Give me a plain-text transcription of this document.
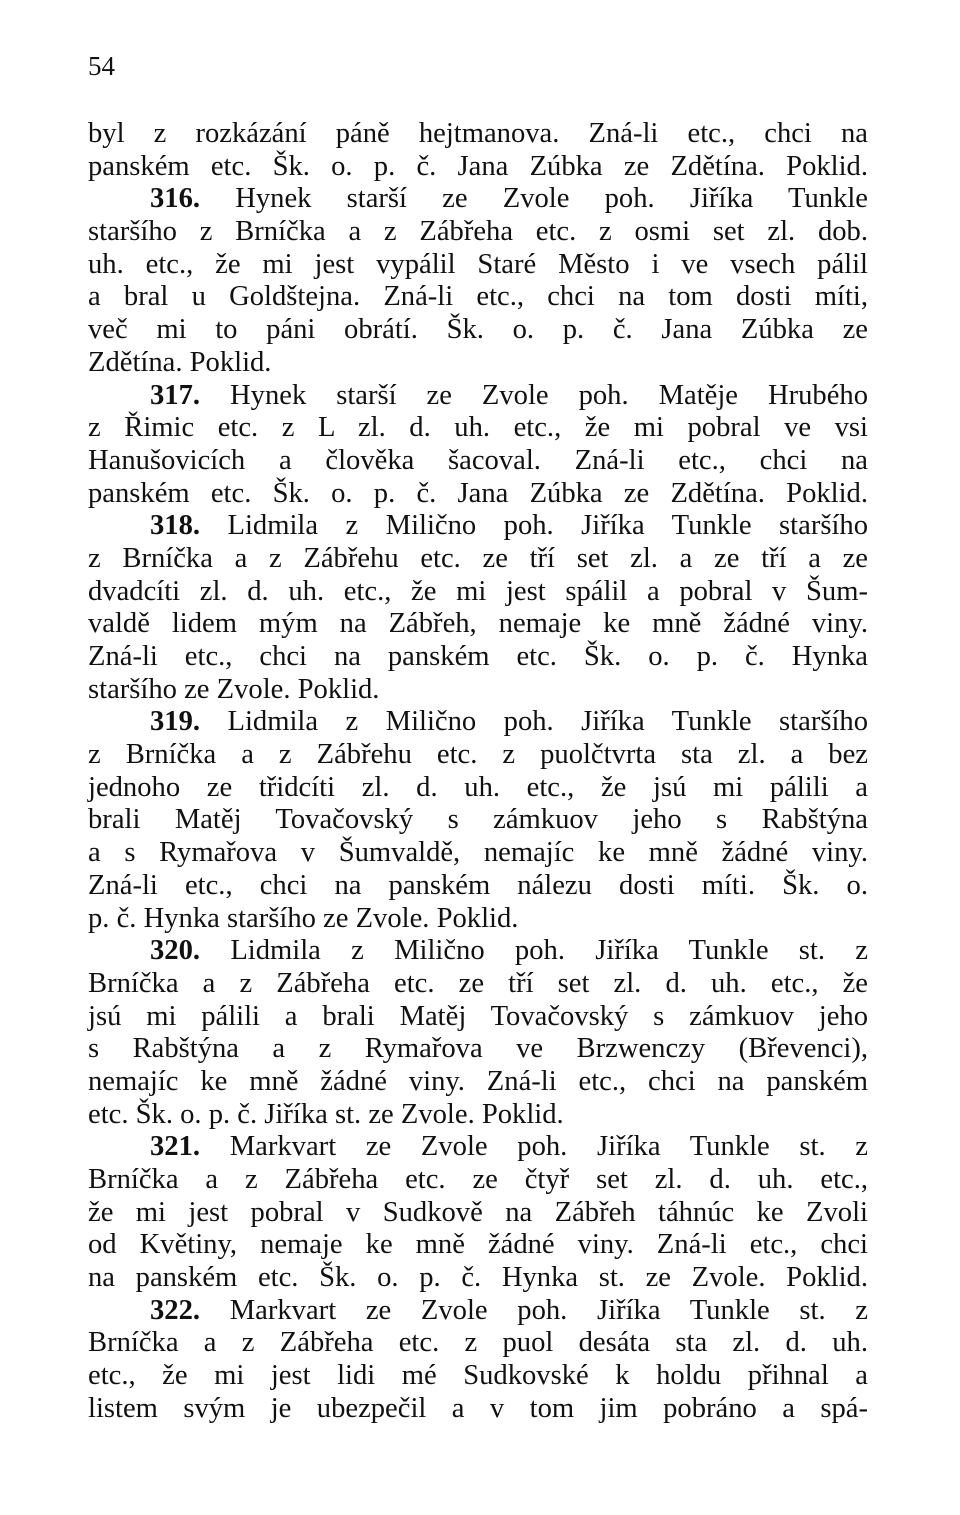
54
byl z rozkázání páně hejtmanova. Zná-li etc., chci na
panském etc. Šk. o. p. č. Jana Zúbka ze Zdětína. Poklid.
316. Hynek starší ze Zvole poh. Jiříka Tunkle
staršího z Brníčka a z Zábřeha etc. z osmi set zl. dob.
uh. etc., že mi jest vypálil Staré Město i ve vsech pálil
a bral u Goldštejna. Zná-li etc., chci na tom dosti míti,
več mi to páni obrátí. Šk. o. p. č. Jana Zúbka ze
Zdětína. Poklid.
317. Hynek starší ze Zvole poh. Matěje Hrubého
z Řimic etc. z L zl. d. uh. etc., že mi pobral ve vsi
Hanušovicích a člověka šacoval. Zná-li etc., chci na
panském etc. Šk. o. p. č. Jana Zúbka ze Zdětína. Poklid.
318. Lidmila z Milično poh. Jiříka Tunkle staršího
z Brníčka a z Zábřehu etc. ze tří set zl. a ze tří a ze
dvadcíti zl. d. uh. etc., že mi jest spálil a pobral v Šum-
valdě lidem mým na Zábřeh, nemaje ke mně žádné viny.
Zná-li etc., chci na panském etc. Šk. o. p. č. Hynka
staršího ze Zvole. Poklid.
319. Lidmila z Milično poh. Jiříka Tunkle staršího
z Brníčka a z Zábřehu etc. z puolčtvrta sta zl. a bez
jednoho ze třidcíti zl. d. uh. etc., že jsú mi pálili a
brali Matěj Tovačovský s zámkuov jeho s Rabštýna
a s Rymařova v Šumvaldě, nemajíc ke mně žádné viny.
Zná-li etc., chci na panském nálezu dosti míti. Šk. o.
p. č. Hynka staršího ze Zvole. Poklid.
320. Lidmila z Milično poh. Jiříka Tunkle st. z
Brníčka a z Zábřeha etc. ze tří set zl. d. uh. etc., že
jsú mi pálili a brali Matěj Tovačovský s zámkuov jeho
s Rabštýna a z Rymařova ve Brzwenczy (Břevenci),
nemajíc ke mně žádné viny. Zná-li etc., chci na panském
etc. Šk. o. p. č. Jiříka st. ze Zvole. Poklid.
321. Markvart ze Zvole poh. Jiříka Tunkle st. z
Brníčka a z Zábřeha etc. ze čtyř set zl. d. uh. etc.,
že mi jest pobral v Sudkově na Zábřeh táhnúc ke Zvoli
od Květiny, nemaje ke mně žádné viny. Zná-li etc., chci
na panském etc. Šk. o. p. č. Hynka st. ze Zvole. Poklid.
322. Markvart ze Zvole poh. Jiříka Tunkle st. z
Brníčka a z Zábřeha etc. z puol desáta sta zl. d. uh.
etc., že mi jest lidi mé Sudkovské k holdu přihnal a
listem svým je ubezpečil a v tom jim pobráno a spá-
